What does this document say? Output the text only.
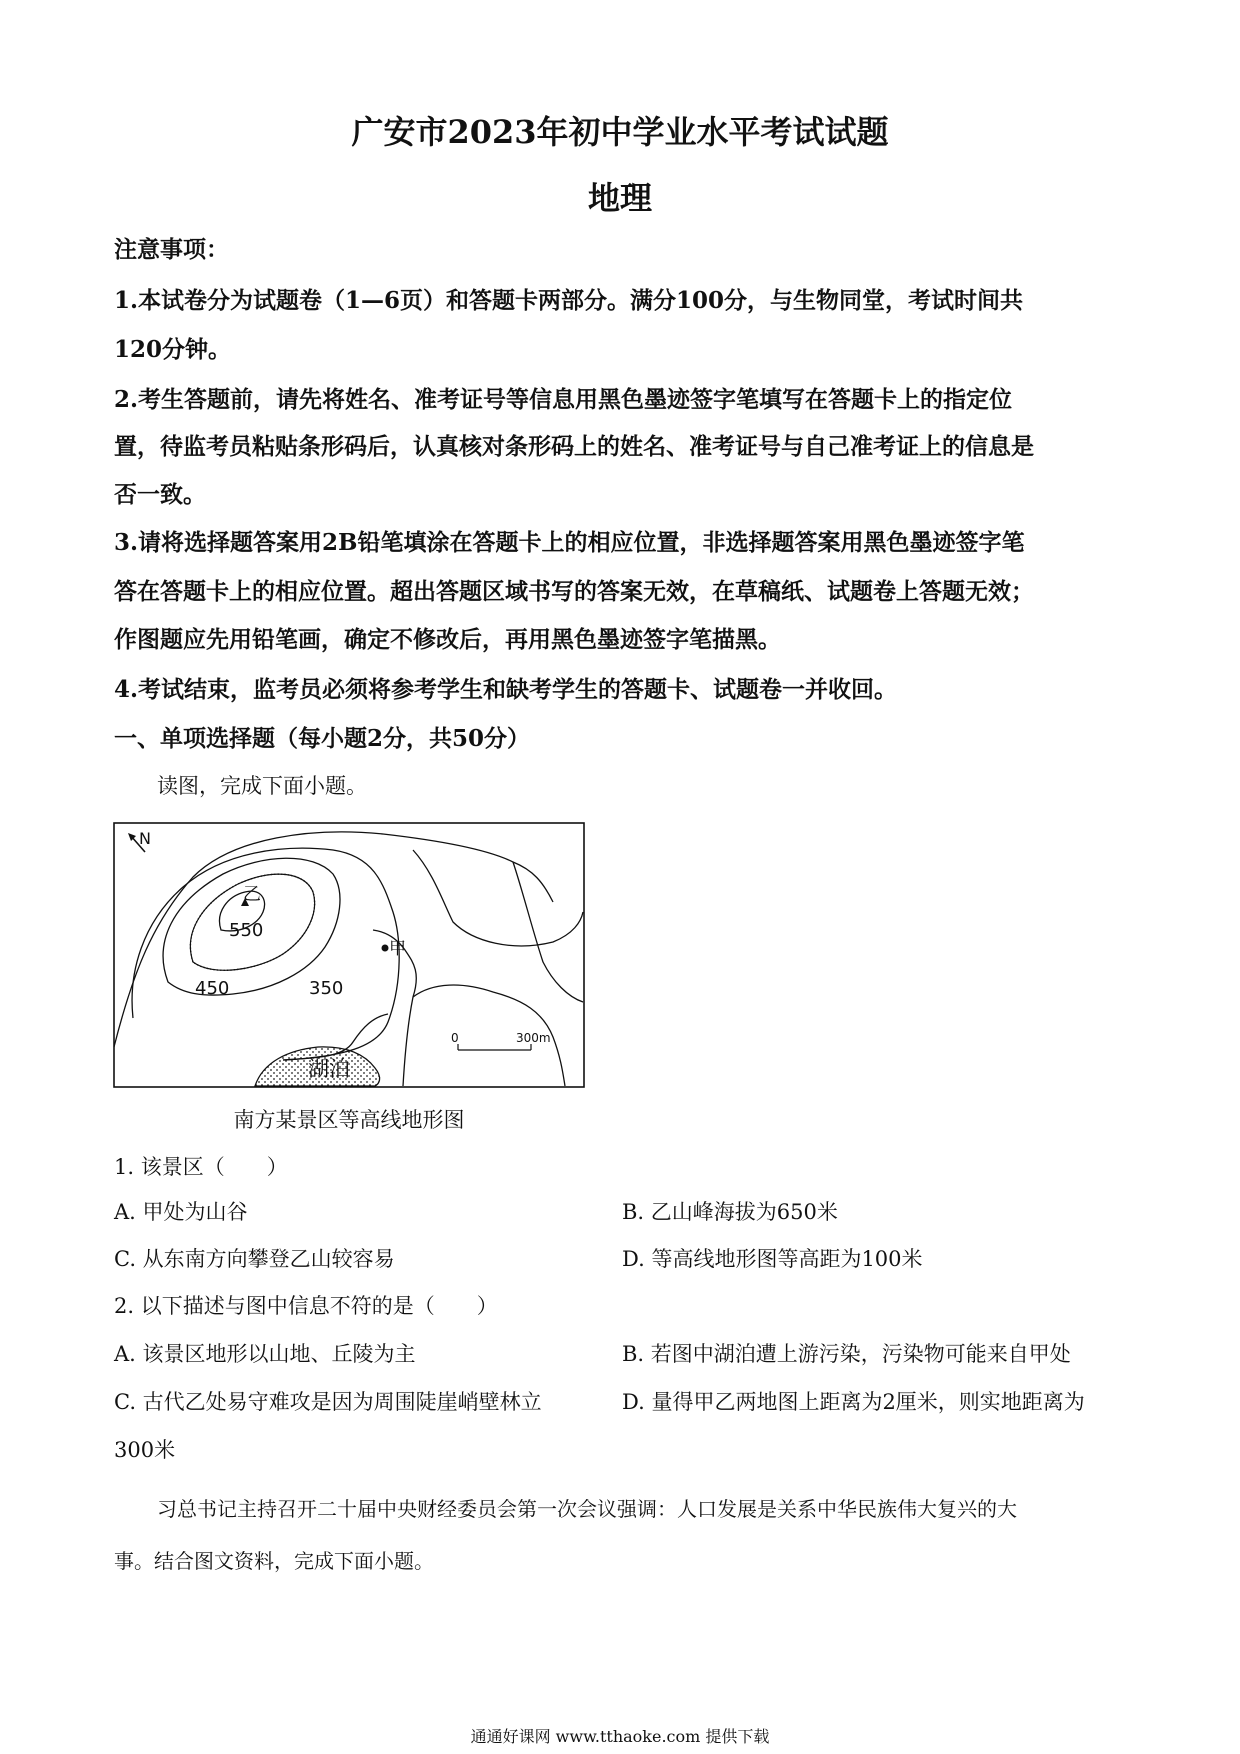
广安市2023年初中学业水平考试试题
地理
注意事项：
1.本试卷分为试题卷（1—6页）和答题卡两部分。满分100分，与生物同堂，考试时间共
120分钟。
2.考生答题前，请先将姓名、准考证号等信息用黑色墨迹签字笔填写在答题卡上的指定位
置，待监考员粘贴条形码后，认真核对条形码上的姓名、准考证号与自己准考证上的信息是
否一致。
3.请将选择题答案用2B铅笔填涂在答题卡上的相应位置，非选择题答案用黑色墨迹签字笔
答在答题卡上的相应位置。超出答题区域书写的答案无效，在草稿纸、试题卷上答题无效；
作图题应先用铅笔画，确定不修改后，再用黑色墨迹签字笔描黑。
4.考试结束，监考员必须将参考学生和缺考学生的答题卡、试题卷一并收回。
一、单项选择题（每小题2分，共50分）
读图，完成下面小题。
N
乙
550
450	350
甲
湖泊
0	300m
南方某景区等高线地形图
1. 该景区（　　）
A. 甲处为山谷	B. 乙山峰海拔为650米
C. 从东南方向攀登乙山较容易	D. 等高线地形图等高距为100米
2. 以下描述与图中信息不符的是（　　）
A. 该景区地形以山地、丘陵为主	B. 若图中湖泊遭上游污染，污染物可能来自甲处
C. 古代乙处易守难攻是因为周围陡崖峭壁林立	D. 量得甲乙两地图上距离为2厘米，则实地距离为
300米
习总书记主持召开二十届中央财经委员会第一次会议强调：人口发展是关系中华民族伟大复兴的大
事。结合图文资料，完成下面小题。
通通好课网 www.tthaoke.com 提供下载
